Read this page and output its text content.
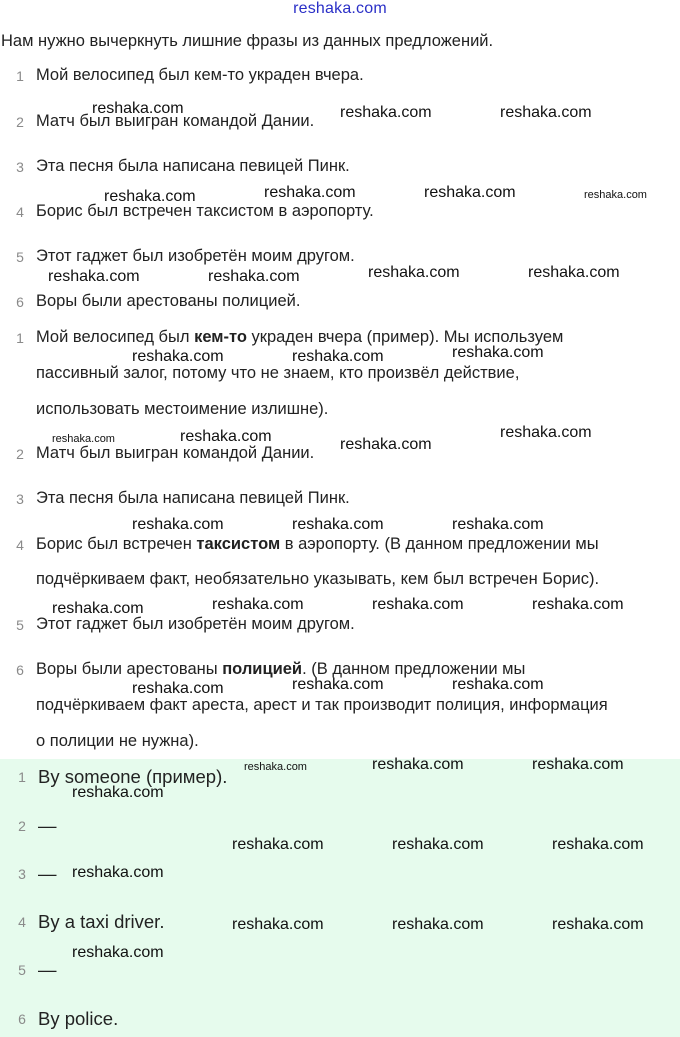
reshaka.com
Нам нужно вычеркнуть лишние фразы из данных предложений.
1 Мой велосипед был кем-то украден вчера.
2 Матч был выигран командой Дании.
3 Эта песня была написана певицей Пинк.
4 Борис был встречен таксистом в аэропорту.
5 Этот гаджет был изобретён моим другом.
6 Воры были арестованы полицией.
1 Мой велосипед был кем-то украден вчера (пример). Мы используем
пассивный залог, потому что не знаем, кто произвёл действие,
использовать местоимение излишне).
2 Матч был выигран командой Дании.
3 Эта песня была написана певицей Пинк.
4 Борис был встречен таксистом в аэропорту. (В данном предложении мы
подчёркиваем факт, необязательно указывать, кем был встречен Борис).
5 Этот гаджет был изобретён моим другом.
6 Воры были арестованы полицией. (В данном предложении мы
подчёркиваем факт ареста, арест и так производит полиция, информация
о полиции не нужна).
1 By someone (пример).
2 —
3 —
4 By a taxi driver.
5 —
6 By police.
reshaka.com	reshaka.com	reshaka.com
reshaka.com	reshaka.com	reshaka.com	reshaka.com
reshaka.com	reshaka.com	reshaka.com	reshaka.com
reshaka.com	reshaka.com	reshaka.com
reshaka.com	reshaka.com	reshaka.com
reshaka.com
reshaka.com	reshaka.com	reshaka.com
reshaka.com	reshaka.com	reshaka.com	reshaka.com
reshaka.com	reshaka.com	reshaka.com
reshaka.com	reshaka.com	reshaka.com
reshaka.com
reshaka.com	reshaka.com	reshaka.com
reshaka.com
reshaka.com	reshaka.com	reshaka.com
reshaka.com
